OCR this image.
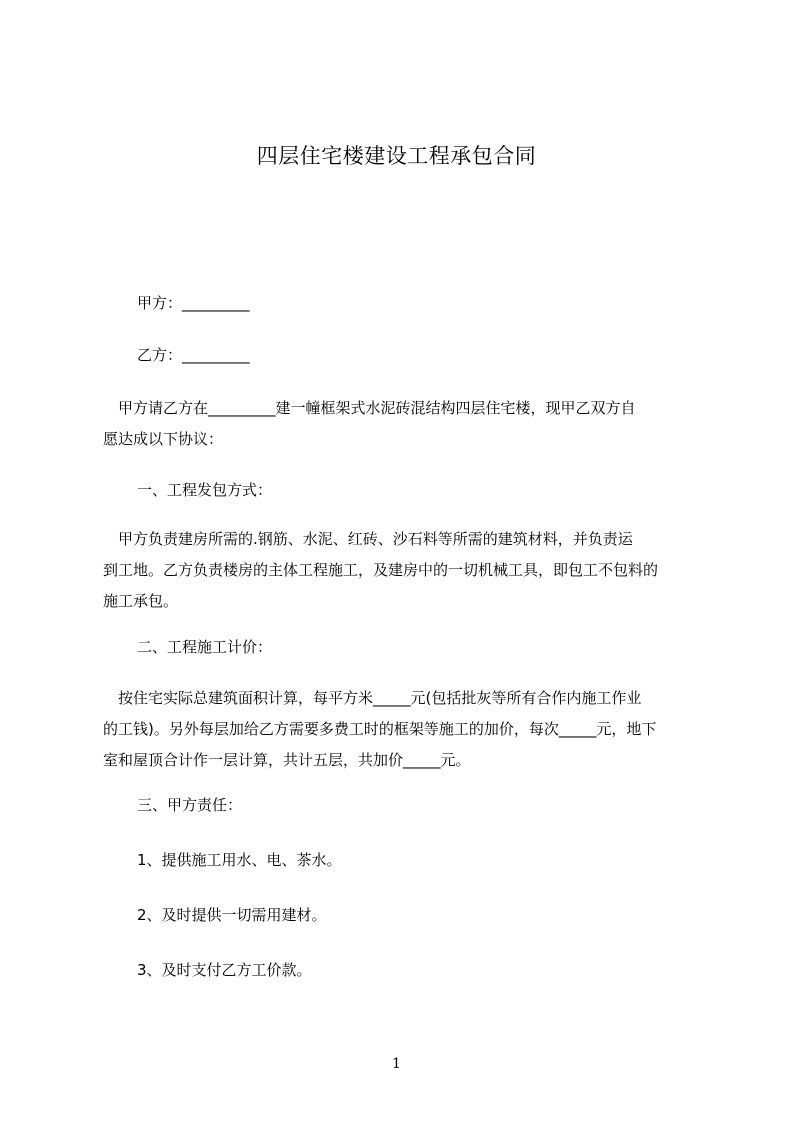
四层住宅楼建设工程承包合同
甲方：_________
乙方：_________
　甲方请乙方在_________建一幢框架式水泥砖混结构四层住宅楼，现甲乙双方自
愿达成以下协议：
一、工程发包方式：
　甲方负责建房所需的.钢筋、水泥、红砖、沙石料等所需的建筑材料，并负责运
到工地。乙方负责楼房的主体工程施工，及建房中的一切机械工具，即包工不包料的
施工承包。
二、工程施工计价：
　按住宅实际总建筑面积计算，每平方米_____元(包括批灰等所有合作内施工作业
的工钱)。另外每层加给乙方需要多费工时的框架等施工的加价，每次_____元，地下
室和屋顶合计作一层计算，共计五层，共加价_____元。
三、甲方责任：
1、提供施工用水、电、茶水。
2、及时提供一切需用建材。
3、及时支付乙方工价款。
1
